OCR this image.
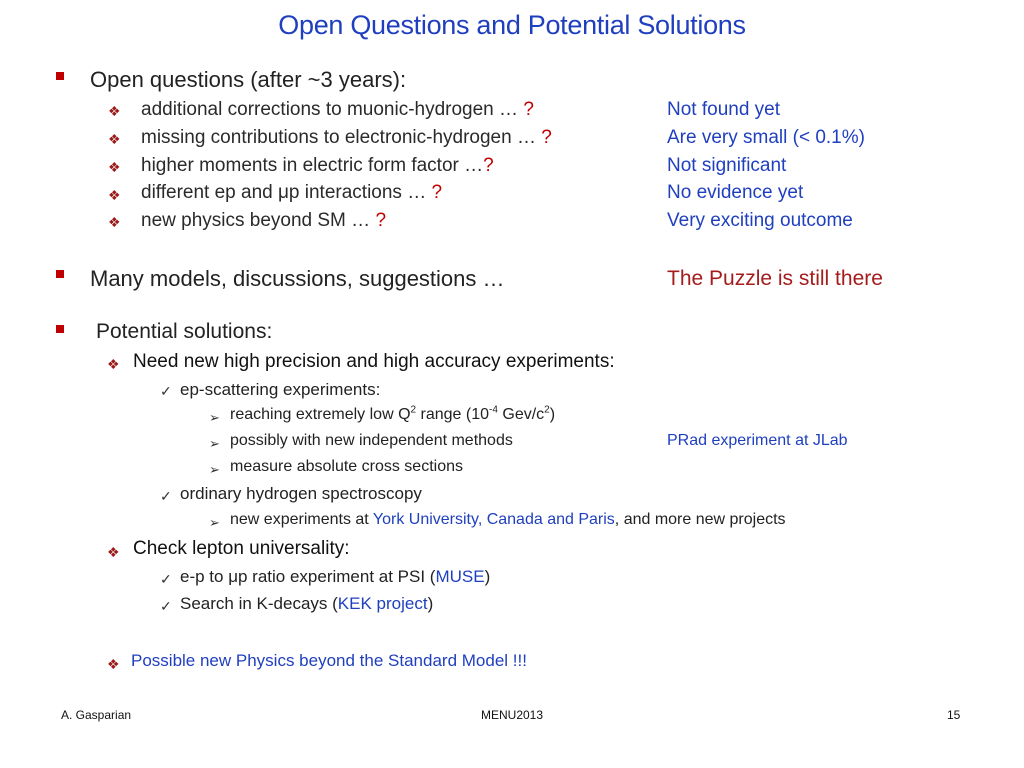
Open Questions and Potential Solutions
Open questions (after ~3 years):
❖ additional corrections to muonic-hydrogen … ?	Not found yet
❖ missing contributions to electronic-hydrogen … ?	Are very small (< 0.1%)
❖ higher moments in electric form factor …?	Not significant
❖ different ep and μp interactions … ?	No evidence yet
❖ new physics beyond SM … ?	Very exciting outcome
Many models, discussions, suggestions …	The Puzzle is still there
Potential solutions:
❖ Need new high precision and high accuracy experiments:
✓ ep-scattering experiments:
➢ reaching extremely low $Q^2$ range ($10^{-4}$ Gev/$c^2$)
➢ possibly with new independent methods	PRad experiment at JLab
➢ measure absolute cross sections
✓ ordinary hydrogen spectroscopy
➢ new experiments at York University, Canada and Paris, and more new projects
❖ Check lepton universality:
✓ e-p to μp ratio experiment at PSI (MUSE)
✓ Search in K-decays (KEK project)
❖ Possible new Physics beyond the Standard Model !!!
A. Gasparian	MENU2013	15
